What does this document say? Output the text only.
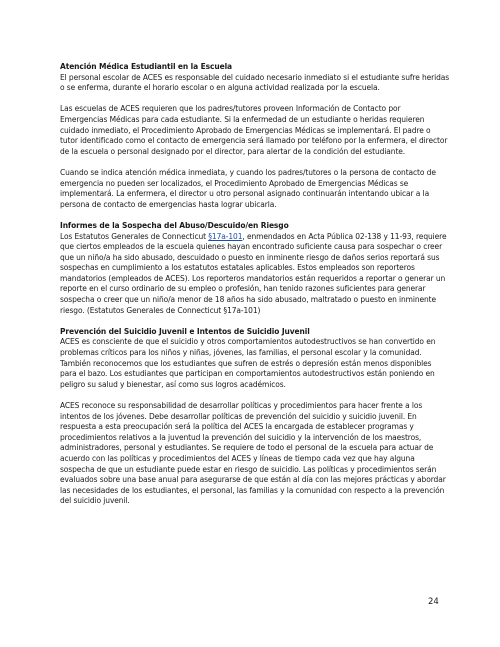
Atención Médica Estudiantil en la Escuela

El personal escolar de ACES es responsable del cuidado necesario inmediato si el estudiante sufre heridas o se enferma, durante el horario escolar o en alguna actividad realizada por la escuela.

Las escuelas de ACES requieren que los padres/tutores proveen Información de Contacto por Emergencias Médicas para cada estudiante. Si la enfermedad de un estudiante o heridas requieren cuidado inmediato, el Procedimiento Aprobado de Emergencias Médicas se implementará. El padre o tutor identificado como el contacto de emergencia será llamado por teléfono por la enfermera, el director de la escuela o personal designado por el director, para alertar de la condición del estudiante.

Cuando se indica atención médica inmediata, y cuando los padres/tutores o la persona de contacto de emergencia no pueden ser localizados, el Procedimiento Aprobado de Emergencias Médicas se implementará. La enfermera, el director u otro personal asignado continuarán intentando ubicar a la persona de contacto de emergencias hasta lograr ubicarla.

Informes de la Sospecha del Abuso/Descuido/en Riesgo

Los Estatutos Generales de Connecticut §17a-101, enmendados en Acta Pública 02-138 y 11-93, requiere que ciertos empleados de la escuela quienes hayan encontrado suficiente causa para sospechar o creer que un niño/a ha sido abusado, descuidado o puesto en inminente riesgo de daños serios reportará sus sospechas en cumplimiento a los estatutos estatales aplicables. Estos empleados son reporteros mandatorios (empleados de ACES). Los reporteros mandatorios están requeridos a reportar o generar un reporte en el curso ordinario de su empleo o profesión, han tenido razones suficientes para generar sospecha o creer que un niño/a menor de 18 años ha sido abusado, maltratado o puesto en inminente riesgo. (Estatutos Generales de Connecticut §17a-101)

Prevención del Suicidio Juvenil e Intentos de Suicidio Juvenil

ACES es consciente de que el suicidio y otros comportamientos autodestructivos se han convertido en problemas críticos para los niños y niñas, jóvenes, las familias, el personal escolar y la comunidad. También reconocemos que los estudiantes que sufren de estrés o depresión están menos disponibles para el bazo. Los estudiantes que participan en comportamientos autodestructivos están poniendo en peligro su salud y bienestar, así como sus logros académicos.

ACES reconoce su responsabilidad de desarrollar políticas y procedimientos para hacer frente a los intentos de los jóvenes. Debe desarrollar políticas de prevención del suicidio y suicidio juvenil. En respuesta a esta preocupación será la política del ACES la encargada de establecer programas y procedimientos relativos a la juventud la prevención del suicidio y la intervención de los maestros, administradores, personal y estudiantes. Se requiere de todo el personal de la escuela para actuar de acuerdo con las políticas y procedimientos del ACES y líneas de tiempo cada vez que hay alguna sospecha de que un estudiante puede estar en riesgo de suicidio. Las políticas y procedimientos serán evaluados sobre una base anual para asegurarse de que están al día con las mejores prácticas y abordar las necesidades de los estudiantes, el personal, las familias y la comunidad con respecto a la prevención del suicidio juvenil.

24
